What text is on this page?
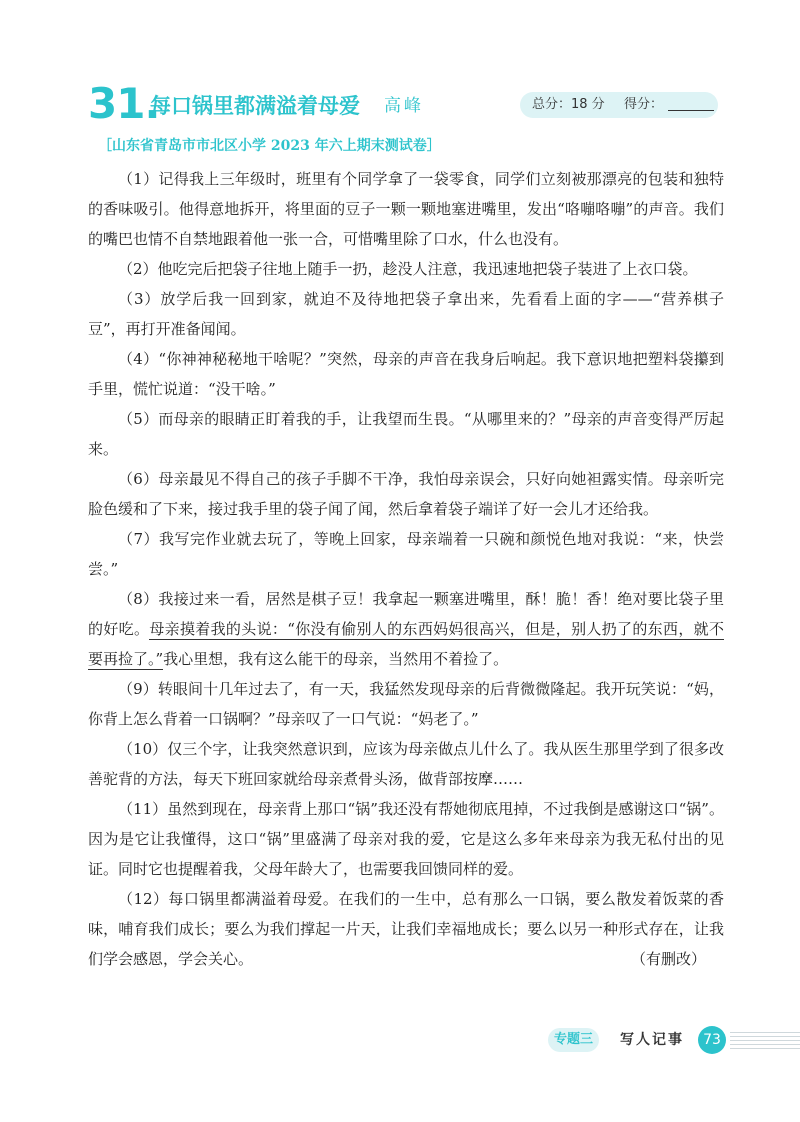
31.
每口锅里都满溢着母爱 高峰	总分：18 分 得分：
［山东省青岛市市北区小学 2023 年六上期末测试卷］

（1）记得我上三年级时，班里有个同学拿了一袋零食，同学们立刻被那漂亮的包装和独特的香味吸引。他得意地拆开，将里面的豆子一颗一颗地塞进嘴里，发出“咯嘣咯嘣”的声音。我们的嘴巴也情不自禁地跟着他一张一合，可惜嘴里除了口水，什么也没有。

（2）他吃完后把袋子往地上随手一扔，趁没人注意，我迅速地把袋子装进了上衣口袋。

（3）放学后我一回到家，就迫不及待地把袋子拿出来，先看看上面的字——“营养棋子豆”，再打开准备闻闻。

（4）“你神神秘秘地干啥呢？”突然，母亲的声音在我身后响起。我下意识地把塑料袋攥到手里，慌忙说道：“没干啥。”

（5）而母亲的眼睛正盯着我的手，让我望而生畏。“从哪里来的？”母亲的声音变得严厉起来。

（6）母亲最见不得自己的孩子手脚不干净，我怕母亲误会，只好向她袒露实情。母亲听完脸色缓和了下来，接过我手里的袋子闻了闻，然后拿着袋子端详了好一会儿才还给我。

（7）我写完作业就去玩了，等晚上回家，母亲端着一只碗和颜悦色地对我说：“来，快尝尝。”

（8）我接过来一看，居然是棋子豆！我拿起一颗塞进嘴里，酥！脆！香！绝对要比袋子里的好吃。母亲摸着我的头说：“你没有偷别人的东西妈妈很高兴，但是，别人扔了的东西，就不要再捡了。”我心里想，我有这么能干的母亲，当然用不着捡了。

（9）转眼间十几年过去了，有一天，我猛然发现母亲的后背微微隆起。我开玩笑说：“妈，你背上怎么背着一口锅啊？”母亲叹了一口气说：“妈老了。”

（10）仅三个字，让我突然意识到，应该为母亲做点儿什么了。我从医生那里学到了很多改善驼背的方法，每天下班回家就给母亲煮骨头汤，做背部按摩……

（11）虽然到现在，母亲背上那口“锅”我还没有帮她彻底甩掉，不过我倒是感谢这口“锅”。因为是它让我懂得，这口“锅”里盛满了母亲对我的爱，它是这么多年来母亲为我无私付出的见证。同时它也提醒着我，父母年龄大了，也需要我回馈同样的爱。

（12）每口锅里都满溢着母爱。在我们的一生中，总有那么一口锅，要么散发着饭菜的香味，哺育我们成长；要么为我们撑起一片天，让我们幸福地成长；要么以另一种形式存在，让我们学会感恩，学会关心。	（有删改）

专题三	写人记事	73
